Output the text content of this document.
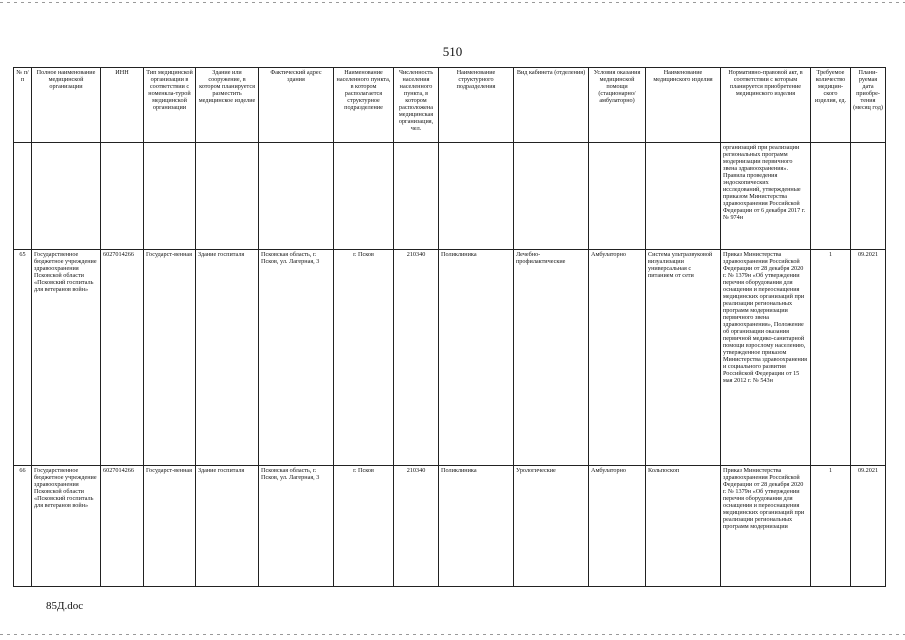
510
№ п/п	Полное наименование медицинской организации	ИНН	Тип медицинской организации в соответствии с номенкла-турой медицинской организации	Здание или сооружение, в котором планируется разместить медицинское изделие	Фактический адрес здания	Наименование населенного пункта, в котором располагается структурное подразделение	Численность населения населенного пункта, в котором расположена медицинская организация, чел.	Наименование структурного подразделения	Вид кабинета (отделения)	Условия оказания медицинской помощи (стационарно/амбулаторно)	Наименование медицинского изделия	Нормативно-правовой акт, в соответствии с которым планируется приобретение медицинского изделия	Требуемое количество медицин-ского изделия, ед.	Плани-руемая дата приобре-тения (месяц год)
												организаций при реализации региональных программ модернизации первичного звена здравоохранения». Правила проведения эндоскопических исследований, утвержденные приказом Министерства здравоохранения Российской Федерации от 6 декабря 2017 г. № 974н		
65	Государственное бюджетное учреждение здравоохранения Псковской области «Псковский госпиталь для ветеранов войн»	6027014266	Государст-венная	Здание госпиталя	Псковская область, г. Псков, ул. Лагерная, 3	г. Псков	210340	Поликлиника	Лечебно-профилактические	Амбулаторно	Система ультразвуковой визуализации универсальная с питанием от сети	Приказ Министерства здравоохранения Российской Федерации от 28 декабря 2020 г. № 1379н «Об утверждении перечня оборудования для оснащения и переоснащения медицинских организаций при реализации региональных программ модернизации первичного звена здравоохранения», Положение об организации оказания первичной медико-санитарной помощи взрослому населению, утвержденное приказом Министерства здравоохранения и социального развития Российской Федерации от 15 мая 2012 г. № 543н	1	09.2021
66	Государственное бюджетное учреждение здравоохранения Псковской области «Псковский госпиталь для ветеранов войн»	6027014266	Государст-венная	Здание госпиталя	Псковская область, г. Псков, ул. Лагерная, 3	г. Псков	210340	Поликлиника	Урологические	Амбулаторно	Кольпоскоп	Приказ Министерства здравоохранения Российской Федерации от 28 декабря 2020 г. № 1379н «Об утверждении перечня оборудования для оснащения и переоснащения медицинских организаций при реализации региональных программ модернизации	1	09.2021
85Д.doc
